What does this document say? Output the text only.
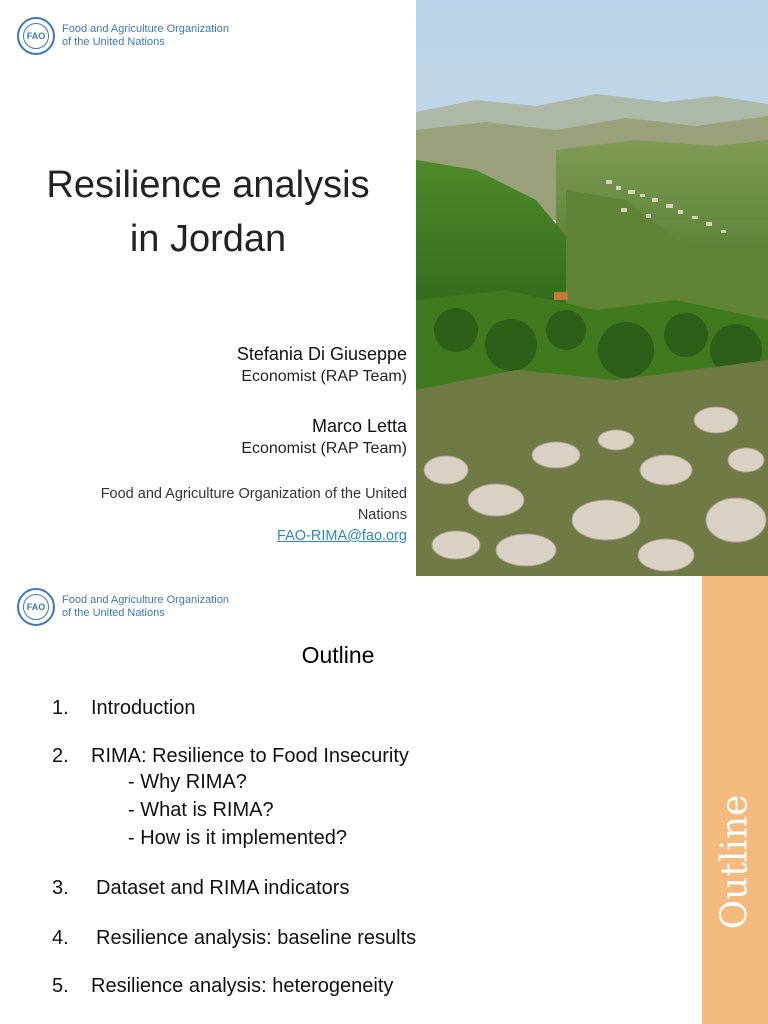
FAO
Food and Agriculture Organization
of the United Nations
Resilience analysis
in Jordan
Stefania Di Giuseppe
Economist (RAP Team)
Marco Letta
Economist (RAP Team)
Food and Agriculture Organization of the United
Nations
FAO-RIMA@fao.org
FAO
Food and Agriculture Organization
of the United Nations
Outline
Outline
1.	Introduction
2.	RIMA: Resilience to Food Insecurity
- Why RIMA?
- What is RIMA?
- How is it implemented?
3.	Dataset and RIMA indicators
4.	Resilience analysis: baseline results
5.	Resilience analysis: heterogeneity
